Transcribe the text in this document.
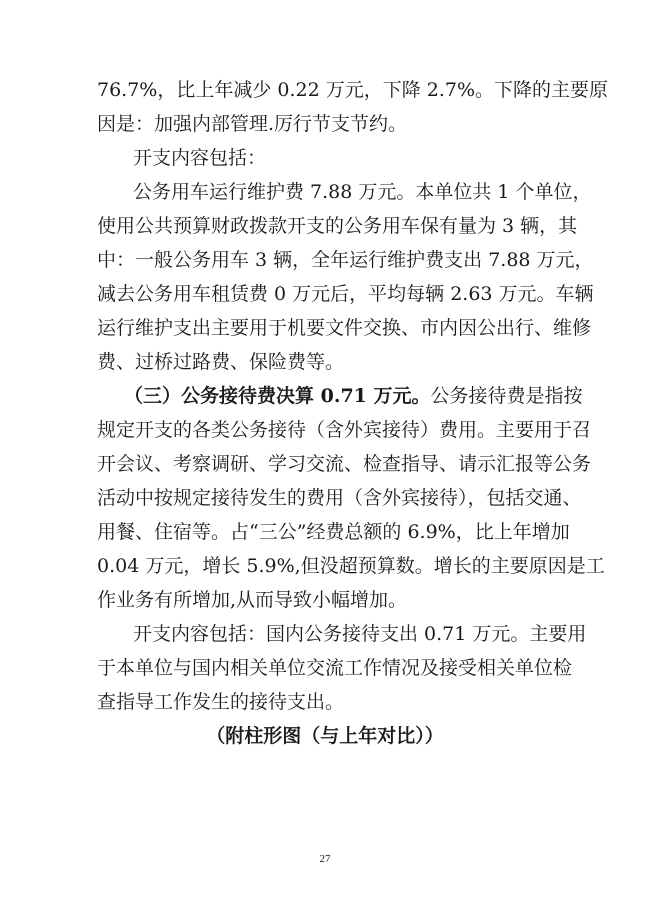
76.7%，比上年减少 0.22 万元，下降 2.7%。下降的主要原
因是：加强内部管理.厉行节支节约。
开支内容包括：
公务用车运行维护费 7.88 万元。本单位共 1 个单位，
使用公共预算财政拨款开支的公务用车保有量为 3 辆，其
中：一般公务用车 3 辆，全年运行维护费支出 7.88 万元，
减去公务用车租赁费 0 万元后，平均每辆 2.63 万元。车辆
运行维护支出主要用于机要文件交换、市内因公出行、维修
费、过桥过路费、保险费等。
（三）公务接待费决算 0.71 万元。公务接待费是指按
规定开支的各类公务接待（含外宾接待）费用。主要用于召
开会议、考察调研、学习交流、检查指导、请示汇报等公务
活动中按规定接待发生的费用（含外宾接待），包括交通、
用餐、住宿等。占“三公”经费总额的 6.9%，比上年增加
0.04 万元，增长 5.9%,但没超预算数。增长的主要原因是工
作业务有所增加,从而导致小幅增加。
开支内容包括：国内公务接待支出 0.71 万元。主要用
于本单位与国内相关单位交流工作情况及接受相关单位检
查指导工作发生的接待支出。
（附柱形图（与上年对比））
27
